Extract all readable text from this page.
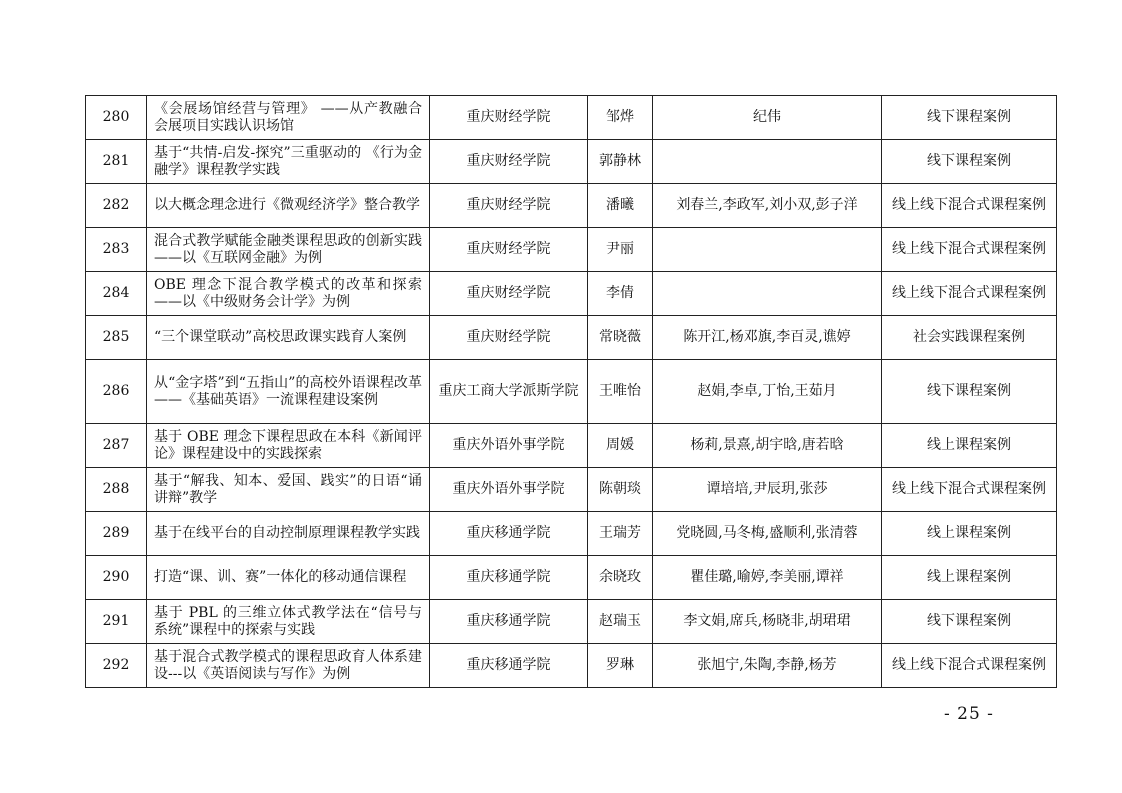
280	《会展场馆经营与管理》 ——从产教融合会展项目实践认识场馆	重庆财经学院	邹烨	纪伟	线下课程案例
281	基于“共情-启发-探究”三重驱动的 《行为金融学》课程教学实践	重庆财经学院	郭静林		线下课程案例
282	以大概念理念进行《微观经济学》整合教学	重庆财经学院	潘曦	刘春兰,李政军,刘小双,彭子洋	线上线下混合式课程案例
283	混合式教学赋能金融类课程思政的创新实践——以《互联网金融》为例	重庆财经学院	尹丽		线上线下混合式课程案例
284	OBE 理念下混合教学模式的改革和探索——以《中级财务会计学》为例	重庆财经学院	李倩		线上线下混合式课程案例
285	“三个课堂联动”高校思政课实践育人案例	重庆财经学院	常晓薇	陈开江,杨邓旗,李百灵,谯婷	社会实践课程案例
286	从“金字塔”到“五指山”的高校外语课程改革 ——《基础英语》一流课程建设案例	重庆工商大学派斯学院	王唯怡	赵娟,李卓,丁怡,王茹月	线下课程案例
287	基于 OBE 理念下课程思政在本科《新闻评论》课程建设中的实践探索	重庆外语外事学院	周媛	杨莉,景熹,胡宇晗,唐若晗	线上课程案例
288	基于“解我、知本、爱国、践实”的日语“诵讲辩”教学	重庆外语外事学院	陈朝琰	谭培培,尹辰玥,张莎	线上线下混合式课程案例
289	基于在线平台的自动控制原理课程教学实践	重庆移通学院	王瑞芳	党晓圆,马冬梅,盛顺利,张清蓉	线上课程案例
290	打造“课、训、赛”一体化的移动通信课程	重庆移通学院	余晓玫	瞿佳璐,喻婷,李美丽,谭祥	线上课程案例
291	基于 PBL 的三维立体式教学法在“信号与系统”课程中的探索与实践	重庆移通学院	赵瑞玉	李文娟,席兵,杨晓非,胡珺珺	线下课程案例
292	基于混合式教学模式的课程思政育人体系建设---以《英语阅读与写作》为例	重庆移通学院	罗琳	张旭宁,朱陶,李静,杨芳	线上线下混合式课程案例
- 25 -
